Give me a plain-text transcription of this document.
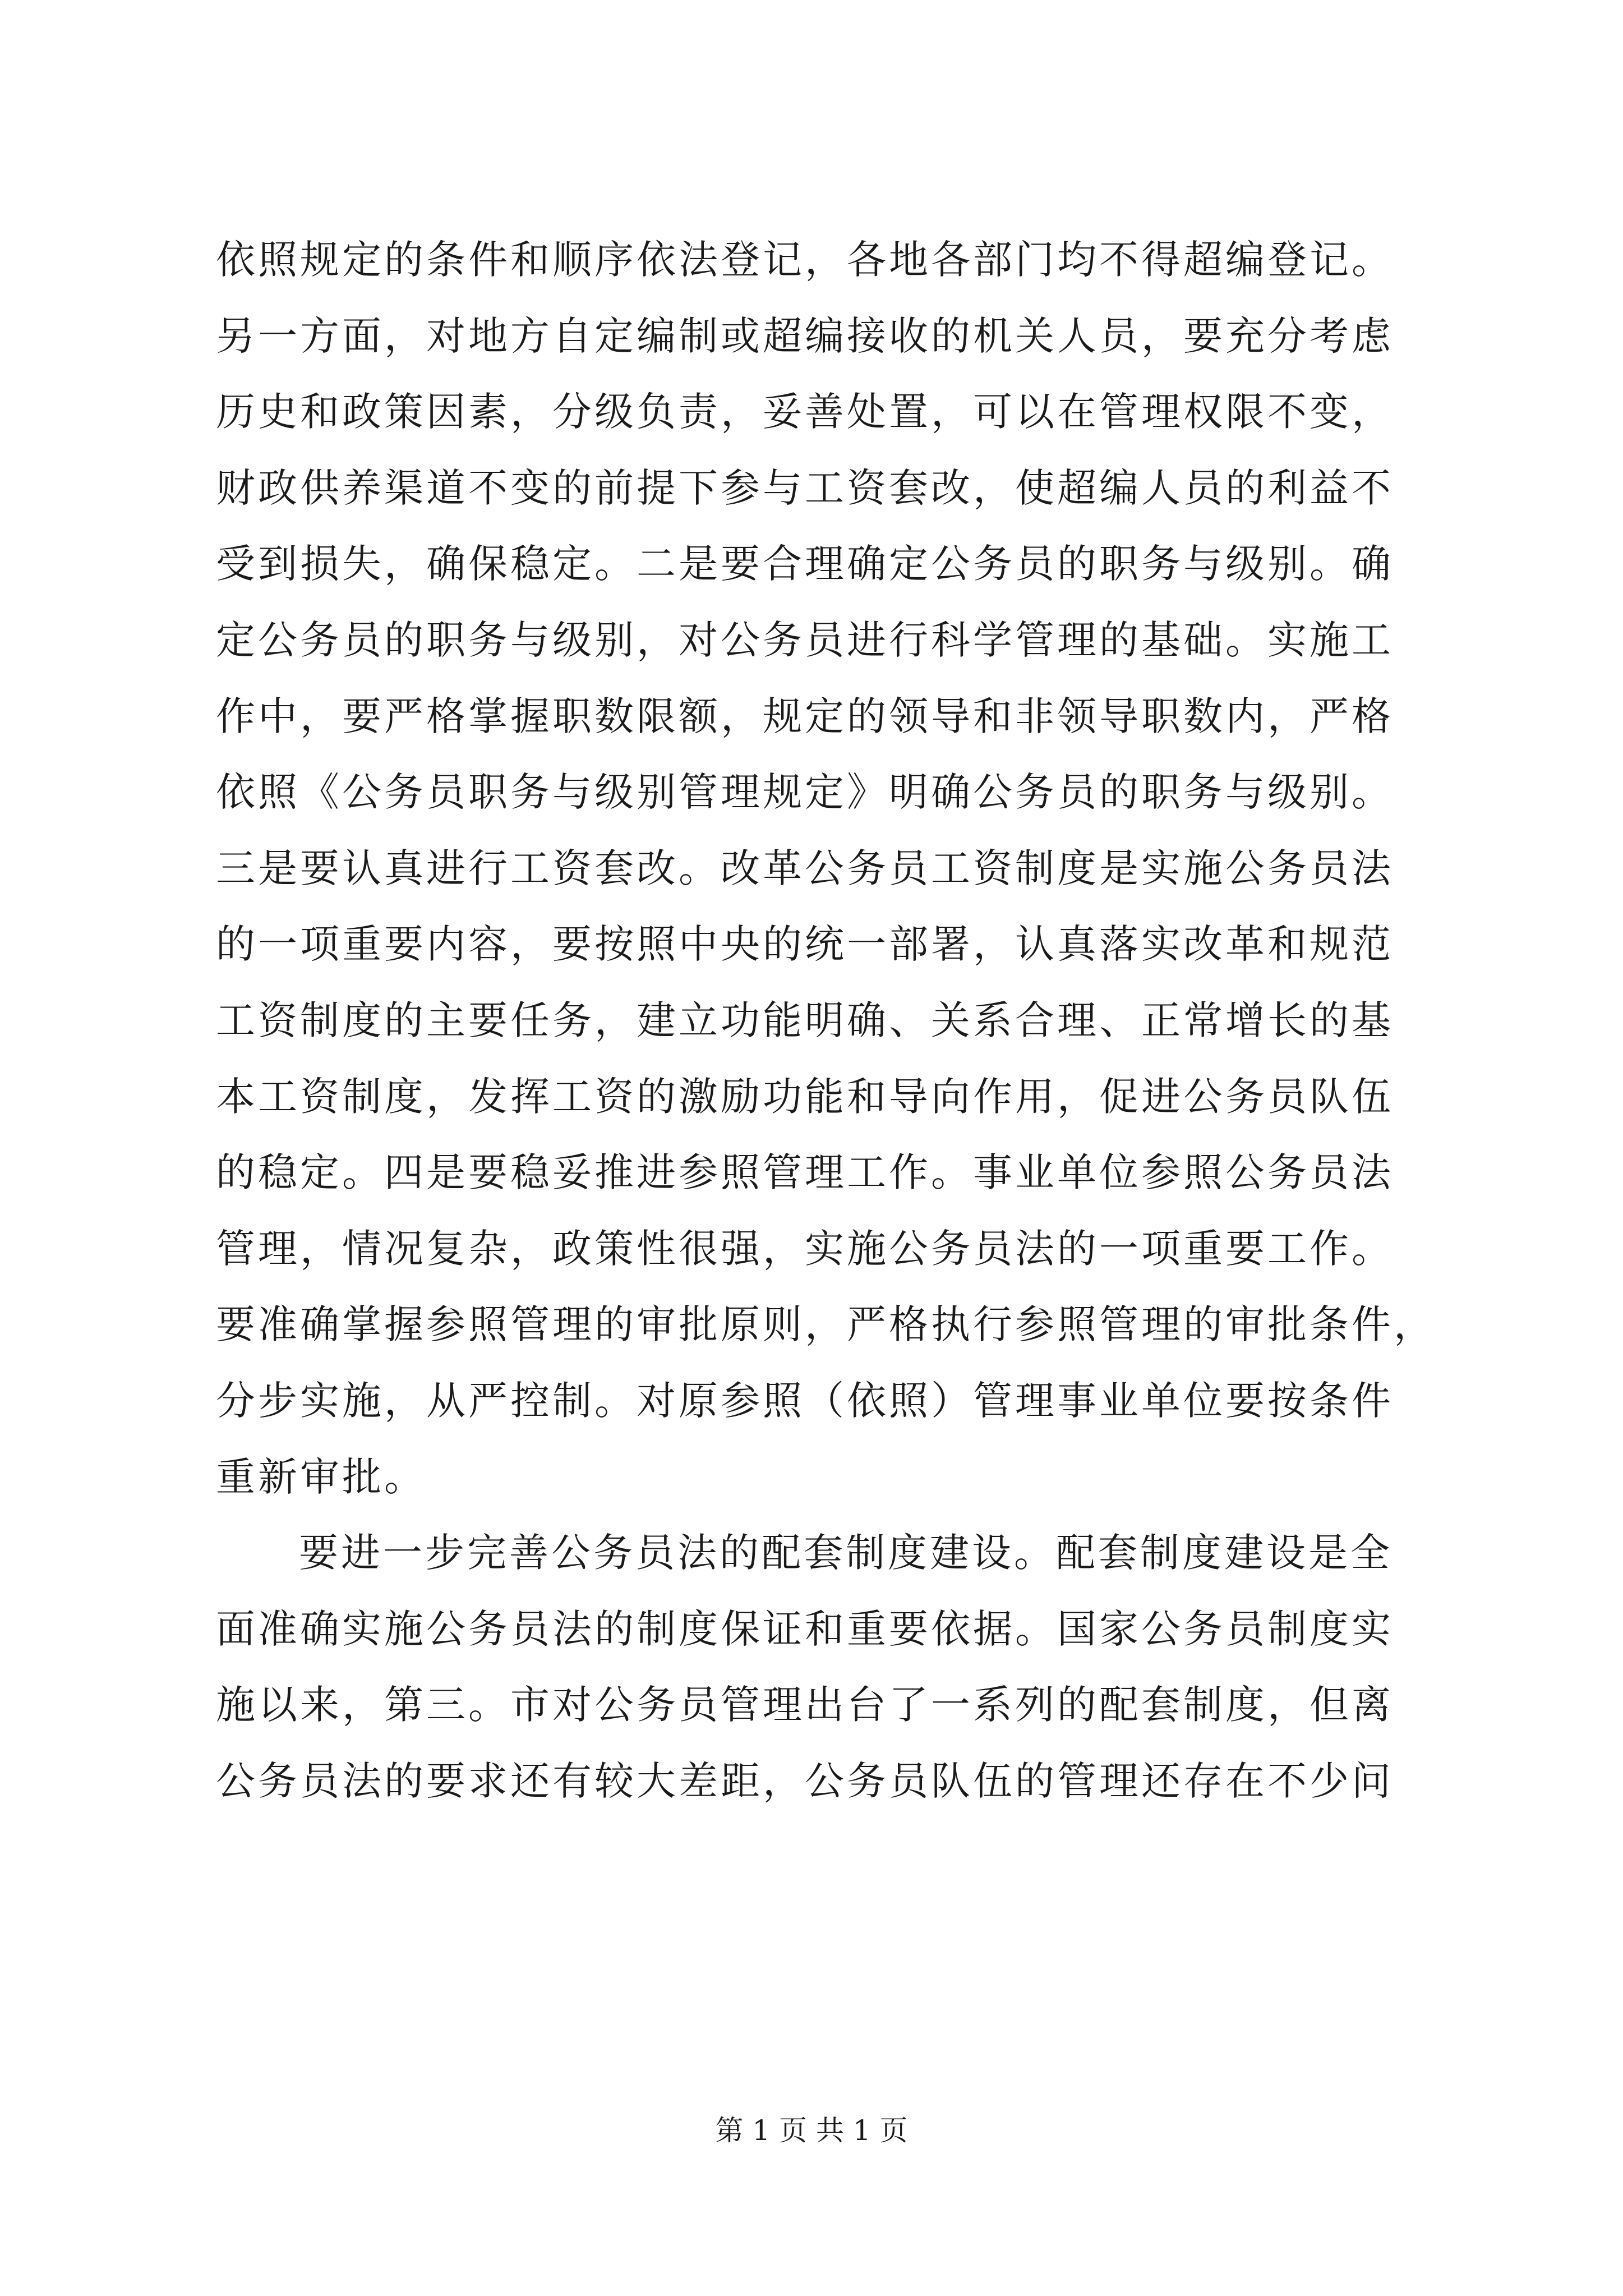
依照规定的条件和顺序依法登记，各地各部门均不得超编登记。
另一方面，对地方自定编制或超编接收的机关人员，要充分考虑
历史和政策因素，分级负责，妥善处置，可以在管理权限不变，
财政供养渠道不变的前提下参与工资套改，使超编人员的利益不
受到损失，确保稳定。二是要合理确定公务员的职务与级别。确
定公务员的职务与级别，对公务员进行科学管理的基础。实施工
作中，要严格掌握职数限额，规定的领导和非领导职数内，严格
依照《公务员职务与级别管理规定》明确公务员的职务与级别。
三是要认真进行工资套改。改革公务员工资制度是实施公务员法
的一项重要内容，要按照中央的统一部署，认真落实改革和规范
工资制度的主要任务，建立功能明确、关系合理、正常增长的基
本工资制度，发挥工资的激励功能和导向作用，促进公务员队伍
的稳定。四是要稳妥推进参照管理工作。事业单位参照公务员法
管理，情况复杂，政策性很强，实施公务员法的一项重要工作。
要准确掌握参照管理的审批原则，严格执行参照管理的审批条件，
分步实施，从严控制。对原参照（依照）管理事业单位要按条件
重新审批。
要进一步完善公务员法的配套制度建设。配套制度建设是全
面准确实施公务员法的制度保证和重要依据。国家公务员制度实
施以来，第三。市对公务员管理出台了一系列的配套制度，但离
公务员法的要求还有较大差距，公务员队伍的管理还存在不少问
第 1 页 共 1 页
